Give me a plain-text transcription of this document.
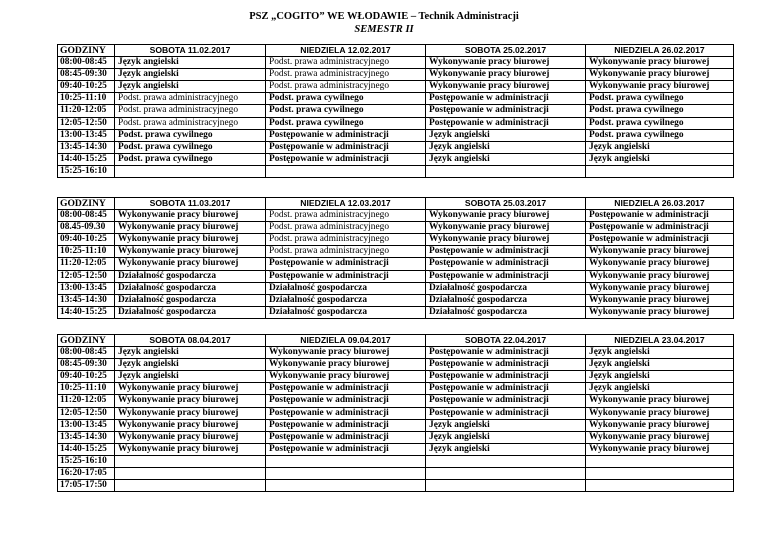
PSZ „COGITO” WE WŁODAWIE – Technik Administracji
SEMESTR II
GODZINY	SOBOTA 11.02.2017	NIEDZIELA 12.02.2017	SOBOTA 25.02.2017	NIEDZIELA 26.02.2017
08:00-08:45	Język angielski	Podst. prawa administracyjnego	Wykonywanie pracy biurowej	Wykonywanie pracy biurowej
08:45-09:30	Język angielski	Podst. prawa administracyjnego	Wykonywanie pracy biurowej	Wykonywanie pracy biurowej
09:40-10:25	Język angielski	Podst. prawa administracyjnego	Wykonywanie pracy biurowej	Wykonywanie pracy biurowej
10:25-11:10	Podst. prawa administracyjnego	Podst. prawa cywilnego	Postępowanie w administracji	Podst. prawa cywilnego
11:20-12:05	Podst. prawa administracyjnego	Podst. prawa cywilnego	Postępowanie w administracji	Podst. prawa cywilnego
12:05-12:50	Podst. prawa administracyjnego	Podst. prawa cywilnego	Postępowanie w administracji	Podst. prawa cywilnego
13:00-13:45	Podst. prawa cywilnego	Postępowanie w administracji	Język angielski	Podst. prawa cywilnego
13:45-14:30	Podst. prawa cywilnego	Postępowanie w administracji	Język angielski	Język angielski
14:40-15:25	Podst. prawa cywilnego	Postępowanie w administracji	Język angielski	Język angielski
15:25-16:10				
GODZINY	SOBOTA 11.03.2017	NIEDZIELA 12.03.2017	SOBOTA 25.03.2017	NIEDZIELA 26.03.2017
08:00-08:45	Wykonywanie pracy biurowej	Podst. prawa administracyjnego	Wykonywanie pracy biurowej	Postępowanie w administracji
08.45-09.30	Wykonywanie pracy biurowej	Podst. prawa administracyjnego	Wykonywanie pracy biurowej	Postępowanie w administracji
09:40-10:25	Wykonywanie pracy biurowej	Podst. prawa administracyjnego	Wykonywanie pracy biurowej	Postępowanie w administracji
10:25-11:10	Wykonywanie pracy biurowej	Podst. prawa administracyjnego	Postępowanie w administracji	Wykonywanie pracy biurowej
11:20-12:05	Wykonywanie pracy biurowej	Postępowanie w administracji	Postępowanie w administracji	Wykonywanie pracy biurowej
12:05-12:50	Działalność gospodarcza	Postępowanie w administracji	Postępowanie w administracji	Wykonywanie pracy biurowej
13:00-13:45	Działalność gospodarcza	Działalność gospodarcza	Działalność gospodarcza	Wykonywanie pracy biurowej
13:45-14:30	Działalność gospodarcza	Działalność gospodarcza	Działalność gospodarcza	Wykonywanie pracy biurowej
14:40-15:25	Działalność gospodarcza	Działalność gospodarcza	Działalność gospodarcza	Wykonywanie pracy biurowej
GODZINY	SOBOTA 08.04.2017	NIEDZIELA 09.04.2017	SOBOTA 22.04.2017	NIEDZIELA 23.04.2017
08:00-08:45	Język angielski	Wykonywanie pracy biurowej	Postępowanie w administracji	Język angielski
08:45-09:30	Język angielski	Wykonywanie pracy biurowej	Postępowanie w administracji	Język angielski
09:40-10:25	Język angielski	Wykonywanie pracy biurowej	Postępowanie w administracji	Język angielski
10:25-11:10	Wykonywanie pracy biurowej	Postępowanie w administracji	Postępowanie w administracji	Język angielski
11:20-12:05	Wykonywanie pracy biurowej	Postępowanie w administracji	Postępowanie w administracji	Wykonywanie pracy biurowej
12:05-12:50	Wykonywanie pracy biurowej	Postępowanie w administracji	Postępowanie w administracji	Wykonywanie pracy biurowej
13:00-13:45	Wykonywanie pracy biurowej	Postępowanie w administracji	Język angielski	Wykonywanie pracy biurowej
13:45-14:30	Wykonywanie pracy biurowej	Postępowanie w administracji	Język angielski	Wykonywanie pracy biurowej
14:40-15:25	Wykonywanie pracy biurowej	Postępowanie w administracji	Język angielski	Wykonywanie pracy biurowej
15:25-16:10				
16:20-17:05				
17:05-17:50				
